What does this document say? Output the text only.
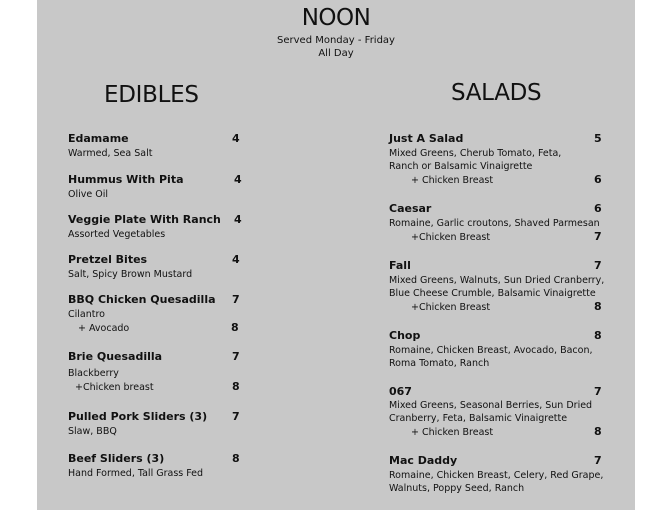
NOON
Served Monday - Friday
All Day
EDIBLES
Edamame	4
Warmed, Sea Salt
Hummus With Pita	4
Olive Oil
Veggie Plate With Ranch 4
Assorted Vegetables
Pretzel Bites	4
Salt, Spicy Brown Mustard
BBQ Chicken Quesadilla 7
Cilantro
+ Avocado	8
Brie Quesadilla	7
Blackberry
+Chicken breast	8
Pulled Pork Sliders (3) 7
Slaw, BBQ
Beef Sliders (3)	8
Hand Formed, Tall Grass Fed
SALADS
Just A Salad	5
Mixed Greens, Cherub Tomato, Feta,
Ranch or Balsamic Vinaigrette
+ Chicken Breast	6
Caesar	6
Romaine, Garlic croutons, Shaved Parmesan
+Chicken Breast	7
Fall	7
Mixed Greens, Walnuts, Sun Dried Cranberry,
Blue Cheese Crumble, Balsamic Vinaigrette
+Chicken Breast	8
Chop	8
Romaine, Chicken Breast, Avocado, Bacon,
Roma Tomato, Ranch
067	7
Mixed Greens, Seasonal Berries, Sun Dried
Cranberry, Feta, Balsamic Vinaigrette
+ Chicken Breast	8
Mac Daddy	7
Romaine, Chicken Breast, Celery, Red Grape,
Walnuts, Poppy Seed, Ranch
